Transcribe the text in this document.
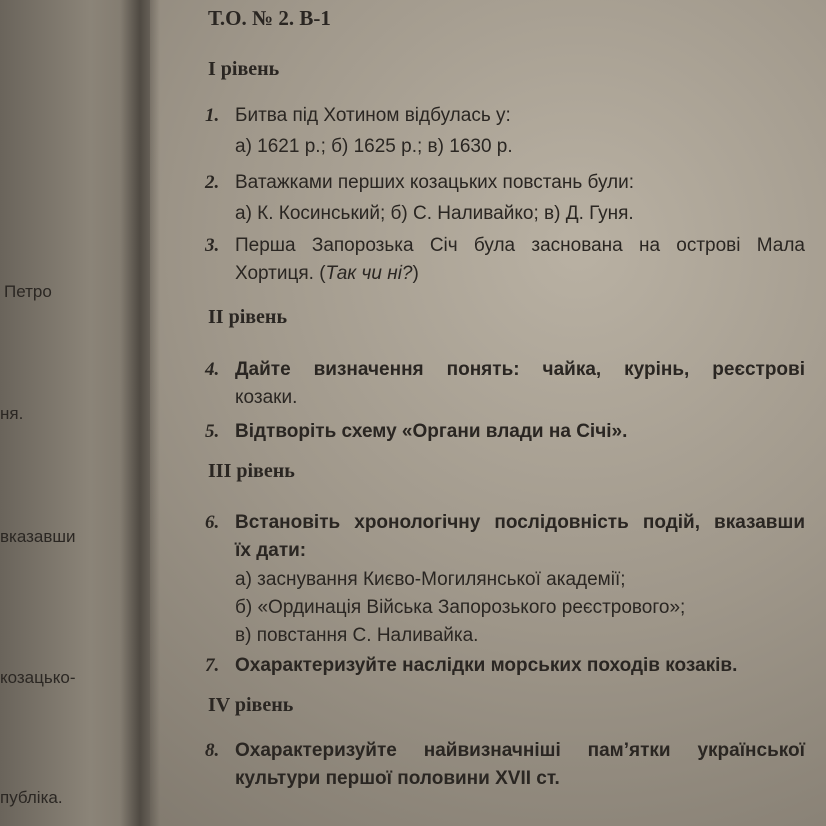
Петро
ня.
вказавши
козацько-
публіка.
Т.О. № 2. В-1
I рівень
1. Битва під Хотином відбулась у:
а) 1621 р.; б) 1625 р.; в) 1630 р.
2. Ватажками перших козацьких повстань були:
а) К. Косинський; б) С. Наливайко; в) Д. Гуня.
3. Перша Запорозька Січ була заснована на острові Мала
Хортиця. (Так чи ні?)
II рівень
4. Дайте визначення понять: чайка, курінь, реєстрові
козаки.
5. Відтворіть схему «Органи влади на Січі».
III рівень
6. Встановіть хронологічну послідовність подій, вказавши
їх дати:
а) заснування Києво-Могилянської академії;
б) «Ординація Війська Запорозького реєстрового»;
в) повстання С. Наливайка.
7. Охарактеризуйте наслідки морських походів козаків.
IV рівень
8. Охарактеризуйте найвизначніші пам’ятки української
культури першої половини XVII ст.
